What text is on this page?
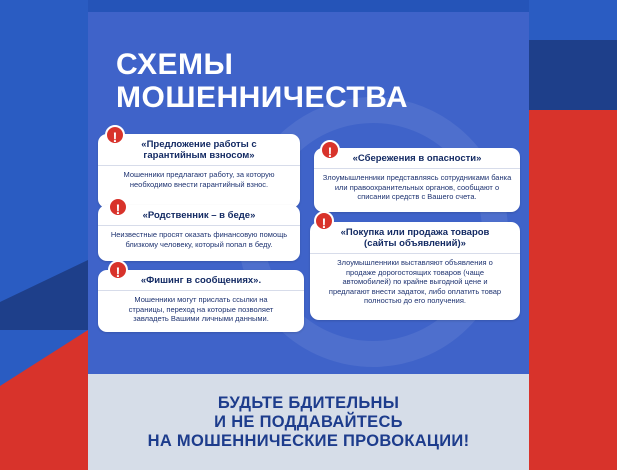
СХЕМЫ
МОШЕННИЧЕСТВА
«Предложение работы с гарантийным взносом»
Мошенники предлагают работу, за которую необходимо внести гарантийный взнос.
!
«Родственник – в беде»
Неизвестные просят оказать финансовую помощь близкому человеку, который попал в беду.
!
«Фишинг в сообщениях».
Мошенники могут прислать ссылки на страницы, переход на которые позволяет завладеть Вашими личными данными.
!
«Сбережения в опасности»
Злоумышленники представляясь сотрудниками банка или правоохранительных органов, сообщают о списании средств с Вашего счета.
!
«Покупка или продажа товаров (сайты объявлений)»
Злоумышленники выставляют объявления о продаже дорогостоящих товаров (чаще автомобилей) по крайне выгодной цене и предлагают внести задаток, либо оплатить товар полностью до его получения.
!
БУДЬТЕ БДИТЕЛЬНЫ
И НЕ ПОДДАВАЙТЕСЬ
НА МОШЕННИЧЕСКИЕ ПРОВОКАЦИИ!
